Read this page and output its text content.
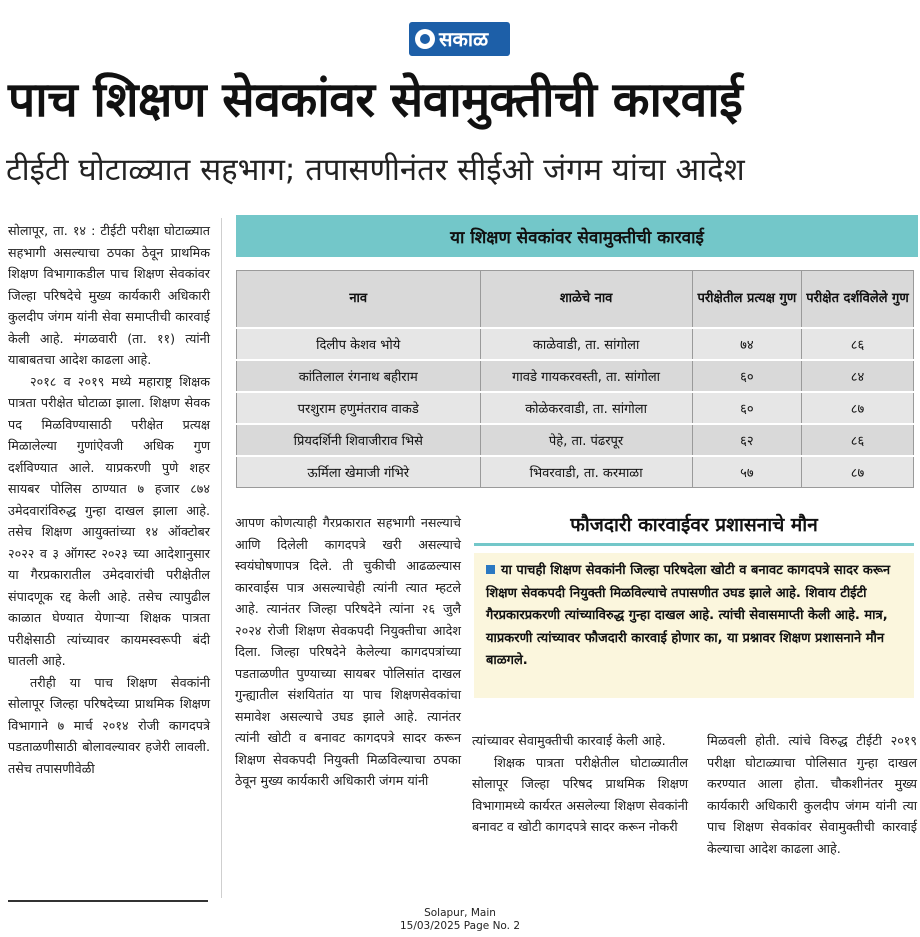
सकाळ
पाच शिक्षण सेवकांवर सेवामुक्तीची कारवाई
टीईटी घोटाळ्यात सहभाग; तपासणीनंतर सीईओ जंगम यांचा आदेश

सोलापूर, ता. १४ : टीईटी परीक्षा घोटाळ्यात सहभागी असल्याचा ठपका ठेवून प्राथमिक शिक्षण विभागाकडील पाच शिक्षण सेवकांवर जिल्हा परिषदेचे मुख्य कार्यकारी अधिकारी कुलदीप जंगम यांनी सेवा समाप्तीची कारवाई केली आहे. मंगळवारी (ता. ११) त्यांनी याबाबतचा आदेश काढला आहे.

२०१८ व २०१९ मध्ये महाराष्ट्र शिक्षक पात्रता परीक्षेत घोटाळा झाला. शिक्षण सेवक पद मिळविण्यासाठी परीक्षेत प्रत्यक्ष मिळालेल्या गुणांऐवजी अधिक गुण दर्शविण्यात आले. याप्रकरणी पुणे शहर सायबर पोलिस ठाण्यात ७ हजार ८७४ उमेदवारांविरुद्ध गुन्हा दाखल झाला आहे. तसेच शिक्षण आयुक्तांच्या १४ ऑक्टोबर २०२२ व ३ ऑगस्ट २०२३ च्या आदेशानुसार या गैरप्रकारातील उमेदवारांची परीक्षेतील संपादणूक रद्द केली आहे. तसेच त्यापुढील काळात घेण्यात येणाऱ्या शिक्षक पात्रता परीक्षेसाठी त्यांच्यावर कायमस्वरूपी बंदी घातली आहे.

तरीही या पाच शिक्षण सेवकांनी सोलापूर जिल्हा परिषदेच्या प्राथमिक शिक्षण विभागाने ७ मार्च २०१४ रोजी कागदपत्रे पडताळणीसाठी बोलावल्यावर हजेरी लावली. तसेच तपासणीवेळी

या शिक्षण सेवकांवर सेवामुक्तीची कारवाई
नाव	शाळेचे नाव	परीक्षेतील प्रत्यक्ष गुण	परीक्षेत दर्शविलेले गुण
दिलीप केशव भोये	काळेवाडी, ता. सांगोला	७४	८६
कांतिलाल रंगनाथ बहीराम	गावडे गायकरवस्ती, ता. सांगोला	६०	८४
परशुराम हणुमंतराव वाकडे	कोळेकरवाडी, ता. सांगोला	६०	८७
प्रियदर्शिनी शिवाजीराव भिसे	पेहे, ता. पंढरपूर	६२	८६
ऊर्मिला खेमाजी गंभिरे	भिवरवाडी, ता. करमाळा	५७	८७
फौजदारी कारवाईवर प्रशासनाचे मौन
या पाचही शिक्षण सेवकांनी जिल्हा परिषदेला खोटी व बनावट कागदपत्रे सादर करून शिक्षण सेवकपदी नियुक्ती मिळविल्याचे तपासणीत उघड झाले आहे. शिवाय टीईटी गैरप्रकारप्रकरणी त्यांच्याविरुद्ध गुन्हा दाखल आहे. त्यांची सेवासमाप्ती केली आहे. मात्र, याप्रकरणी त्यांच्यावर फौजदारी कारवाई होणार का, या प्रश्नावर शिक्षण प्रशासनाने मौन बाळगले.

आपण कोणत्याही गैरप्रकारात सहभागी नसल्याचे आणि दिलेली कागदपत्रे खरी असल्याचे स्वयंघोषणापत्र दिले. ती चुकीची आढळल्यास कारवाईस पात्र असल्याचेही त्यांनी त्यात म्हटले आहे. त्यानंतर जिल्हा परिषदेने त्यांना २६ जुलै २०२४ रोजी शिक्षण सेवकपदी नियुक्तीचा आदेश दिला. जिल्हा परिषदेने केलेल्या कागदपत्रांच्या पडताळणीत पुण्याच्या सायबर पोलिसांत दाखल गुन्ह्यातील संशयितांत या पाच शिक्षणसेवकांचा समावेश असल्याचे उघड झाले आहे. त्यानंतर त्यांनी खोटी व बनावट कागदपत्रे सादर करून शिक्षण सेवकपदी नियुक्ती मिळविल्याचा ठपका ठेवून मुख्य कार्यकारी अधिकारी जंगम यांनी

त्यांच्यावर सेवामुक्तीची कारवाई केली आहे.

शिक्षक पात्रता परीक्षेतील घोटाळ्यातील सोलापूर जिल्हा परिषद प्राथमिक शिक्षण विभागामध्ये कार्यरत असलेल्या शिक्षण सेवकांनी बनावट व खोटी कागदपत्रे सादर करून नोकरी

मिळवली होती. त्यांचे विरुद्ध टीईटी २०१९ परीक्षा घोटाळ्याचा पोलिसात गुन्हा दाखल करण्यात आला होता. चौकशीनंतर मुख्य कार्यकारी अधिकारी कुलदीप जंगम यांनी त्या पाच शिक्षण सेवकांवर सेवामुक्तीची कारवाई केल्याचा आदेश काढला आहे.

Solapur, Main
15/03/2025 Page No. 2
